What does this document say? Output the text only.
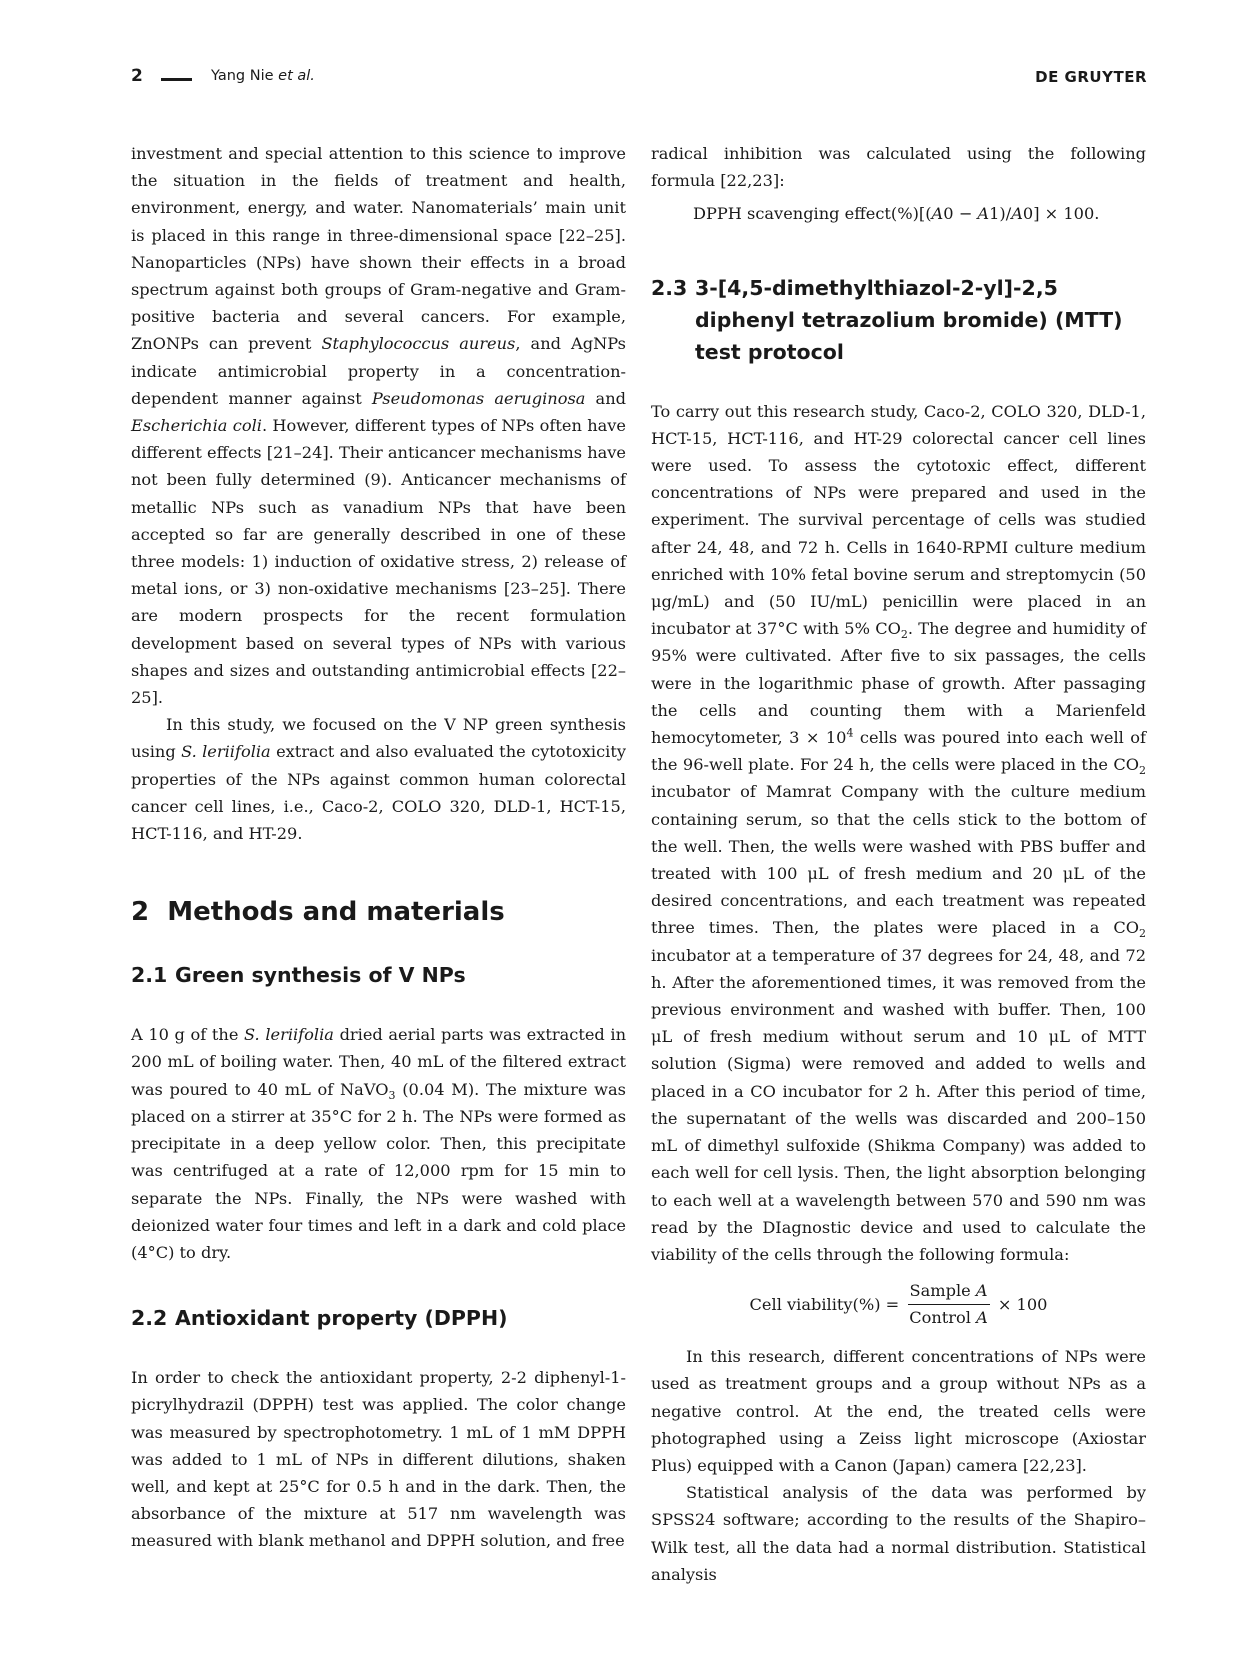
2	Yang Nie et al.	DE GRUYTER

investment and special attention to this science to improve the situation in the fields of treatment and health, environment, energy, and water. Nanomaterials’ main unit is placed in this range in three-dimensional space [22–25]. Nanoparticles (NPs) have shown their effects in a broad spectrum against both groups of Gram-negative and Gram-positive bacteria and several cancers. For example, ZnONPs can prevent Staphylococcus aureus, and AgNPs indicate antimicrobial property in a concentration-dependent manner against Pseudomonas aeruginosa and Escherichia coli. However, different types of NPs often have different effects [21–24]. Their anticancer mechanisms have not been fully determined (9). Anticancer mechanisms of metallic NPs such as vanadium NPs that have been accepted so far are generally described in one of these three models: 1) induction of oxidative stress, 2) release of metal ions, or 3) non-oxidative mechanisms [23–25]. There are modern prospects for the recent formulation development based on several types of NPs with various shapes and sizes and outstanding antimicrobial effects [22–25].

In this study, we focused on the V NP green synthesis using S. leriifolia extract and also evaluated the cytotoxicity properties of the NPs against common human colorectal cancer cell lines, i.e., Caco-2, COLO 320, DLD-1, HCT-15, HCT-116, and HT-29.

2 Methods and materials
2.1 Green synthesis of V NPs

A 10 g of the S. leriifolia dried aerial parts was extracted in 200 mL of boiling water. Then, 40 mL of the filtered extract was poured to 40 mL of NaVO$_3$ (0.04 M). The mixture was placed on a stirrer at 35°C for 2 h. The NPs were formed as precipitate in a deep yellow color. Then, this precipitate was centrifuged at a rate of 12,000 rpm for 15 min to separate the NPs. Finally, the NPs were washed with deionized water four times and left in a dark and cold place (4°C) to dry.

2.2 Antioxidant property (DPPH)

In order to check the antioxidant property, 2-2 diphenyl-1-picrylhydrazil (DPPH) test was applied. The color change was measured by spectrophotometry. 1 mL of 1 mM DPPH was added to 1 mL of NPs in different dilutions, shaken well, and kept at 25°C for 0.5 h and in the dark. Then, the absorbance of the mixture at 517 nm wavelength was measured with blank methanol and DPPH solution, and free

radical inhibition was calculated using the following formula [22,23]:

DPPH scavenging effect(%)[(A0 − A1)/A0] × 100.
2.3 3-[4,5-dimethylthiazol-2-yl]-2,5 diphenyl tetrazolium bromide) (MTT) test protocol

To carry out this research study, Caco-2, COLO 320, DLD-1, HCT-15, HCT-116, and HT-29 colorectal cancer cell lines were used. To assess the cytotoxic effect, different concentrations of NPs were prepared and used in the experiment. The survival percentage of cells was studied after 24, 48, and 72 h. Cells in 1640-RPMI culture medium enriched with 10% fetal bovine serum and streptomycin (50 μg/mL) and (50 IU/mL) penicillin were placed in an incubator at 37°C with 5% $CO_2$. The degree and humidity of 95% were cultivated. After five to six passages, the cells were in the logarithmic phase of growth. After passaging the cells and counting them with a Marienfeld hemocytometer, $3 \times 10^4$ cells was poured into each well of the 96-well plate. For 24 h, the cells were placed in the $CO_2$ incubator of Mamrat Company with the culture medium containing serum, so that the cells stick to the bottom of the well. Then, the wells were washed with PBS buffer and treated with 100 μL of fresh medium and 20 μL of the desired concentrations, and each treatment was repeated three times. Then, the plates were placed in a $CO_2$ incubator at a temperature of 37 degrees for 24, 48, and 72 h. After the aforementioned times, it was removed from the previous environment and washed with buffer. Then, 100 μL of fresh medium without serum and 10 μL of MTT solution (Sigma) were removed and added to wells and placed in a CO incubator for 2 h. After this period of time, the supernatant of the wells was discarded and 200–150 mL of dimethyl sulfoxide (Shikma Company) was added to each well for cell lysis. Then, the light absorption belonging to each well at a wavelength between 570 and 590 nm was read by the DIagnostic device and used to calculate the viability of the cells through the following formula:

Cell viability(%) = $\frac{\text{Sample A}}{\text{Control A}} \times 100$

In this research, different concentrations of NPs were used as treatment groups and a group without NPs as a negative control. At the end, the treated cells were photographed using a Zeiss light microscope (Axiostar Plus) equipped with a Canon (Japan) camera [22,23].

Statistical analysis of the data was performed by SPSS24 software; according to the results of the Shapiro–Wilk test, all the data had a normal distribution. Statistical analysis
